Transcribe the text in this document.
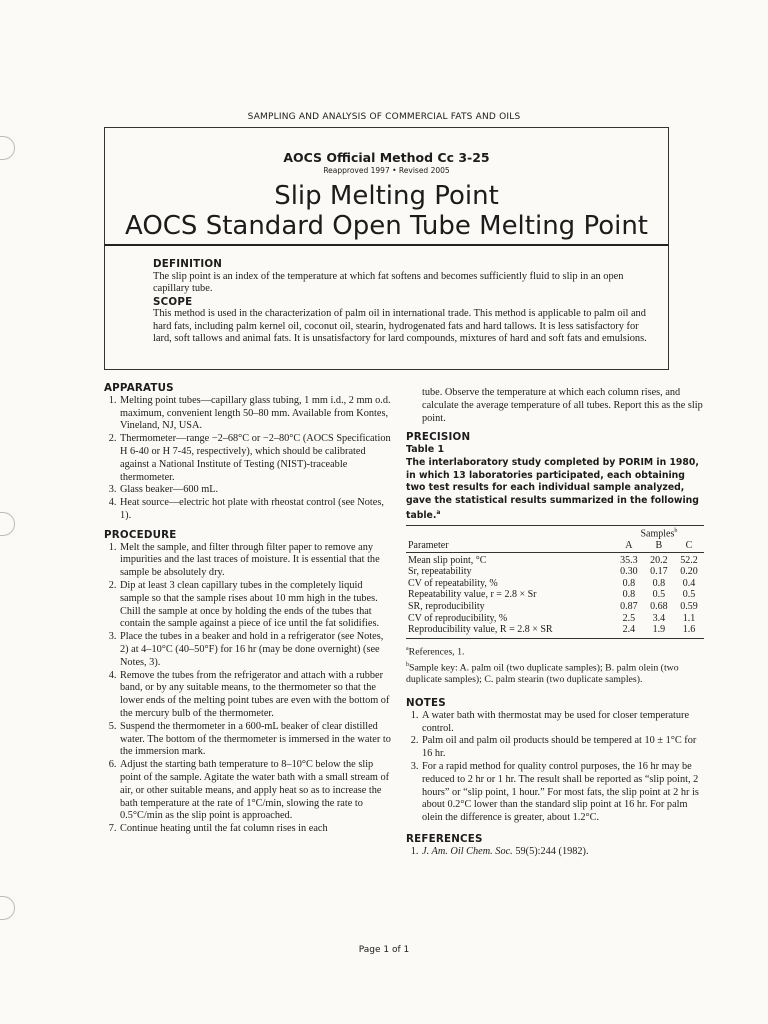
SAMPLING AND ANALYSIS OF COMMERCIAL FATS AND OILS
AOCS Official Method Cc 3-25
Reapproved 1997 • Revised 2005
Slip Melting Point
AOCS Standard Open Tube Melting Point
DEFINITION
The slip point is an index of the temperature at which fat softens and becomes sufficiently fluid to slip in an open capillary tube.
SCOPE
This method is used in the characterization of palm oil in international trade. This method is applicable to palm oil and hard fats, including palm kernel oil, coconut oil, stearin, hydrogenated fats and hard tallows. It is less satisfactory for lard, soft tallows and animal fats. It is unsatisfactory for lard compounds, mixtures of hard and soft fats and emulsions.
APPARATUS
1. Melting point tubes—capillary glass tubing, 1 mm i.d., 2 mm o.d. maximum, convenient length 50–80 mm. Available from Kontes, Vineland, NJ, USA.
2. Thermometer—range −2–68°C or −2–80°C (AOCS Specification H 6-40 or H 7-45, respectively), which should be calibrated against a National Institute of Testing (NIST)-traceable thermometer.
3. Glass beaker—600 mL.
4. Heat source—electric hot plate with rheostat control (see Notes, 1).
PROCEDURE
1. Melt the sample, and filter through filter paper to remove any impurities and the last traces of moisture. It is essential that the sample be absolutely dry.
2. Dip at least 3 clean capillary tubes in the completely liquid sample so that the sample rises about 10 mm high in the tubes. Chill the sample at once by holding the ends of the tubes that contain the sample against a piece of ice until the fat solidifies.
3. Place the tubes in a beaker and hold in a refrigerator (see Notes, 2) at 4–10°C (40–50°F) for 16 hr (may be done overnight) (see Notes, 3).
4. Remove the tubes from the refrigerator and attach with a rubber band, or by any suitable means, to the thermometer so that the lower ends of the melting point tubes are even with the bottom of the mercury bulb of the thermometer.
5. Suspend the thermometer in a 600-mL beaker of clear distilled water. The bottom of the thermometer is immersed in the water to the immersion mark.
6. Adjust the starting bath temperature to 8–10°C below the slip point of the sample. Agitate the water bath with a small stream of air, or other suitable means, and apply heat so as to increase the bath temperature at the rate of 1°C/min, slowing the rate to 0.5°C/min as the slip point is approached.
7. Continue heating until the fat column rises in each
tube. Observe the temperature at which each column rises, and calculate the average temperature of all tubes. Report this as the slip point.
PRECISION
Table 1
The interlaboratory study completed by PORIM in 1980, in which 13 laboratories participated, each obtaining two test results for each individual sample analyzed, gave the statistical results summarized in the following table.$^a$
	Samples$^b$
Parameter	A	B	C
Mean slip point, °C	35.3	20.2	52.2
Sr, repeatability	0.30	0.17	0.20
CV of repeatability, %	0.8	0.8	0.4
Repeatability value, r = 2.8 × Sr	0.8	0.5	0.5
SR, reproducibility	0.87	0.68	0.59
CV of reproducibility, %	2.5	3.4	1.1
Reproducibility value, R = 2.8 × SR	2.4	1.9	1.6
$^a$References, 1.
$^b$Sample key: A. palm oil (two duplicate samples); B. palm olein (two duplicate samples); C. palm stearin (two duplicate samples).
NOTES
1. A water bath with thermostat may be used for closer temperature control.
2. Palm oil and palm oil products should be tempered at 10 ± 1°C for 16 hr.
3. For a rapid method for quality control purposes, the 16 hr may be reduced to 2 hr or 1 hr. The result shall be reported as “slip point, 2 hours” or “slip point, 1 hour.” For most fats, the slip point at 2 hr is about 0.2°C lower than the standard slip point at 16 hr. For palm olein the difference is greater, about 1.2°C.
REFERENCES
1. J. Am. Oil Chem. Soc. 59(5):244 (1982).
Page 1 of 1
